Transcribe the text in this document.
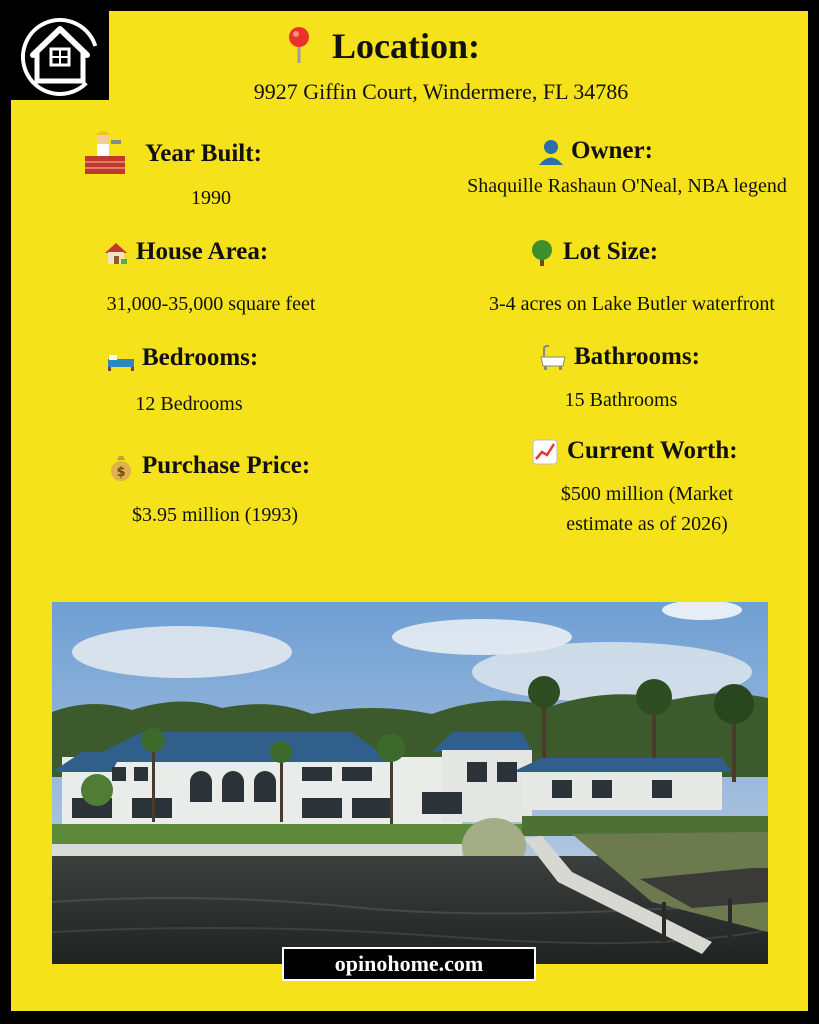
Location:
9927 Giffin Court, Windermere, FL 34786
Year Built:
1990
Owner:
Shaquille Rashaun O'Neal, NBA legend
House Area:
31,000-35,000 square feet
Lot Size:
3-4 acres on Lake Butler waterfront
Bedrooms:
12 Bedrooms
Bathrooms:
15 Bathrooms
$ Purchase Price:
$3.95 million (1993)
Current Worth:
$500 million (Market estimate as of 2026)
opinohome.com
